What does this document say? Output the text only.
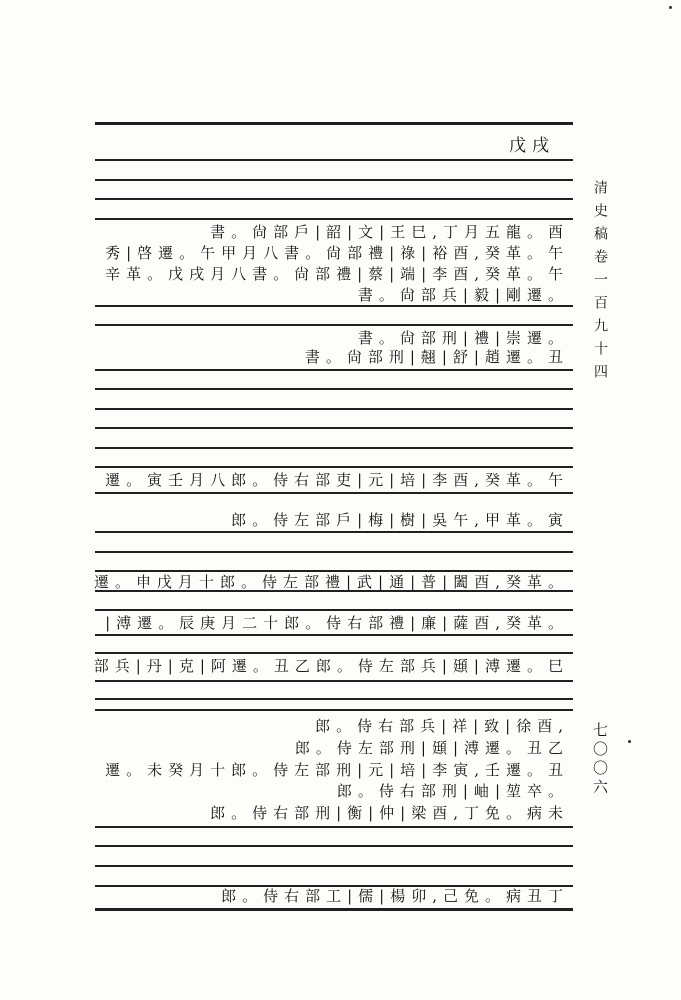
戊戌
清史稿卷一百九十四
七〇〇六
書。尙部戶|韶|文|王巳,丁月五龍。酉
秀|啓遷。午甲月八書。尙部禮|祿|裕酉,癸革。午
辛革。戊戌月八書。尙部禮|蔡|端|李酉,癸革。午
書。尙部兵|毅|剛遷。
書。尙部刑|禮|崇遷。
書。尙部刑|翹|舒|趙遷。丑
遷。寅壬月八郎。侍右部吏|元|培|李酉,癸革。午
郎。侍左部戶|梅|樹|吳午,甲革。寅
遷。申戊月十郎。侍左部禮|武|通|普|闔酉,癸革。
|溥遷。辰庚月二十郎。侍右部禮|廉|薩酉,癸革。
部兵|丹|克|阿遷。丑乙郎。侍左部兵|頲|溥遷。巳
郎。侍右部兵|祥|致|徐酉,
郎。侍左部刑|頲|溥遷。丑乙
遷。未癸月十郎。侍左部刑|元|培|李寅,壬遷。丑
郎。侍右部刑|岫|堃卒。
郎。侍右部刑|衡|仲|梁酉,丁免。病未
郎。侍右部工|儒|楊卯,己免。病丑丁
